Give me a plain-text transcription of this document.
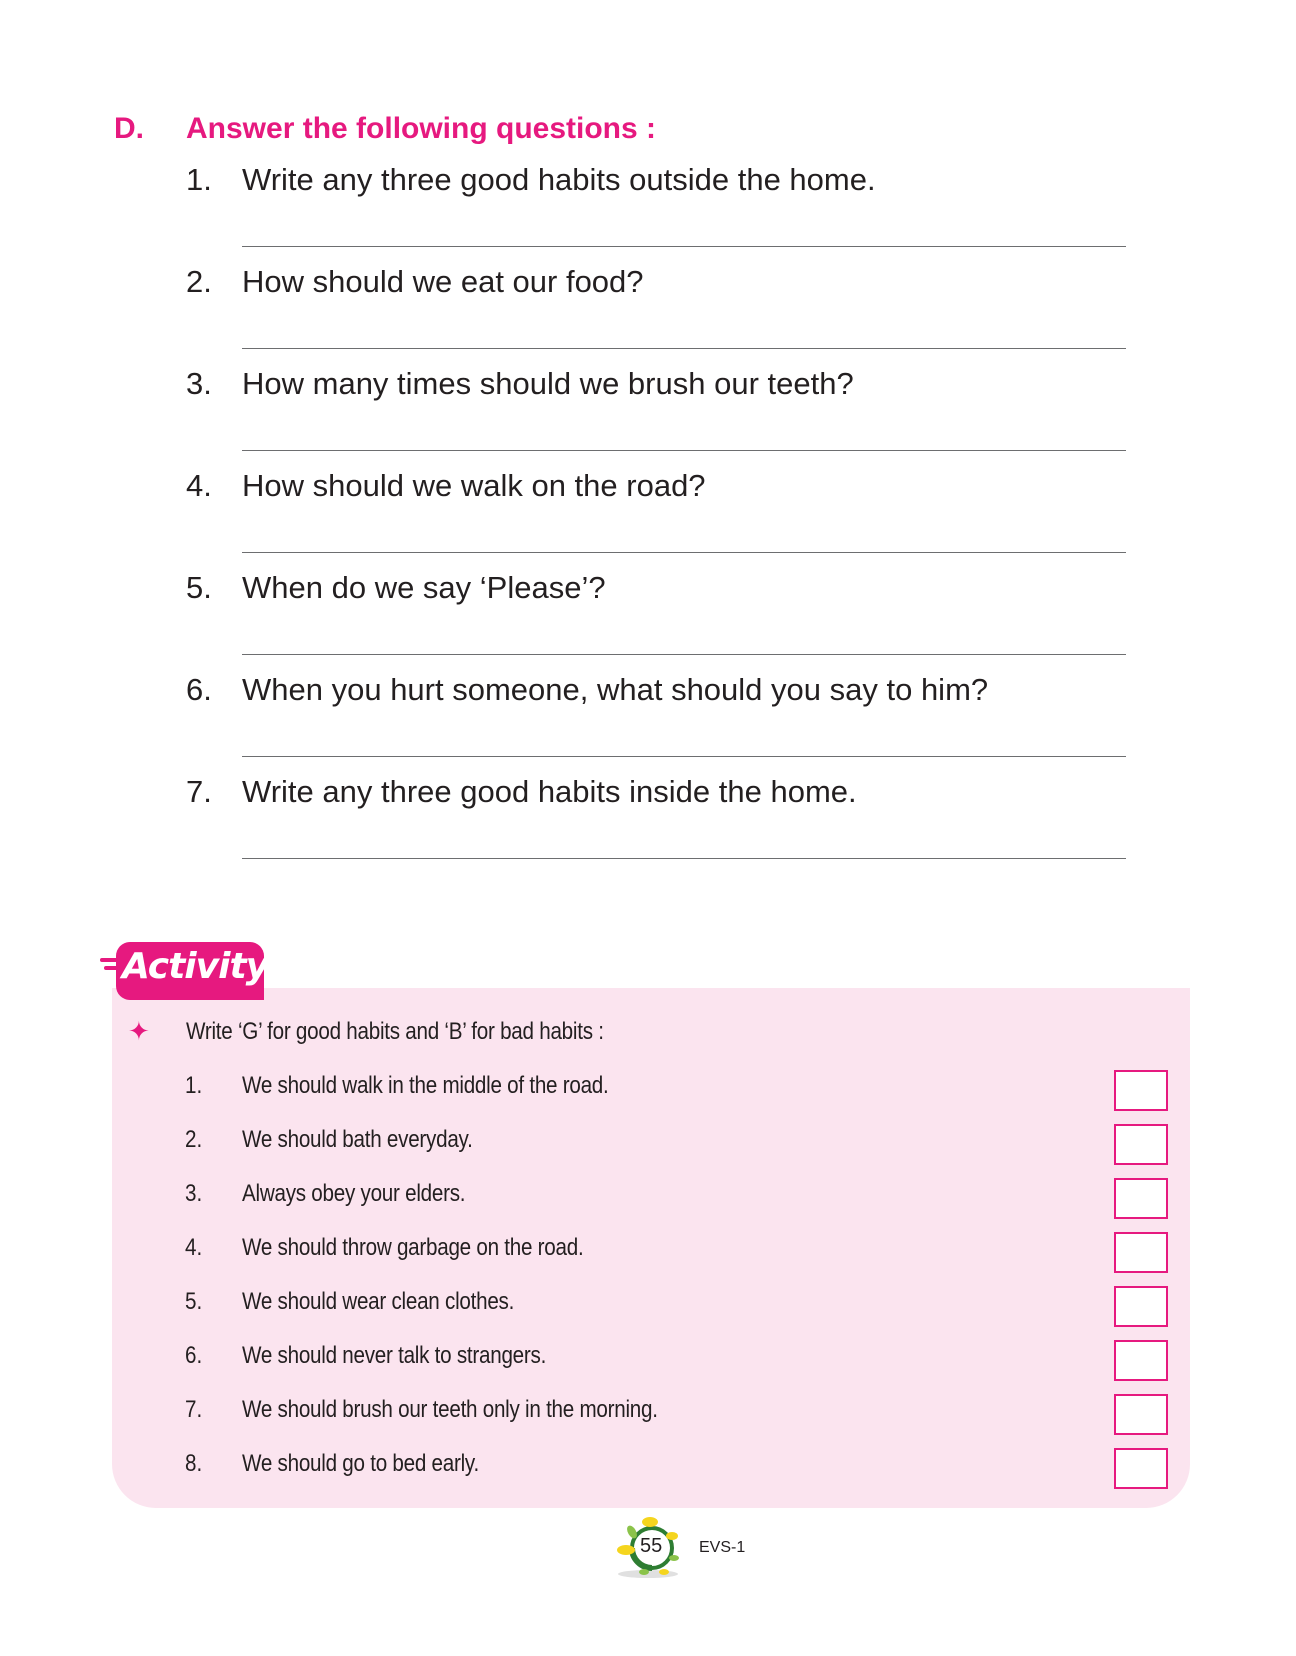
D. Answer the following questions :
1. Write any three good habits outside the home.
2. How should we eat our food?
3. How many times should we brush our teeth?
4. How should we walk on the road?
5. When do we say ‘Please’?
6. When you hurt someone, what should you say to him?
7. Write any three good habits inside the home.
Activity
✦ Write ‘G’ for good habits and ‘B’ for bad habits :
1. We should walk in the middle of the road.
2. We should bath everyday.
3. Always obey your elders.
4. We should throw garbage on the road.
5. We should wear clean clothes.
6. We should never talk to strangers.
7. We should brush our teeth only in the morning.
8. We should go to bed early.
55 EVS-1
